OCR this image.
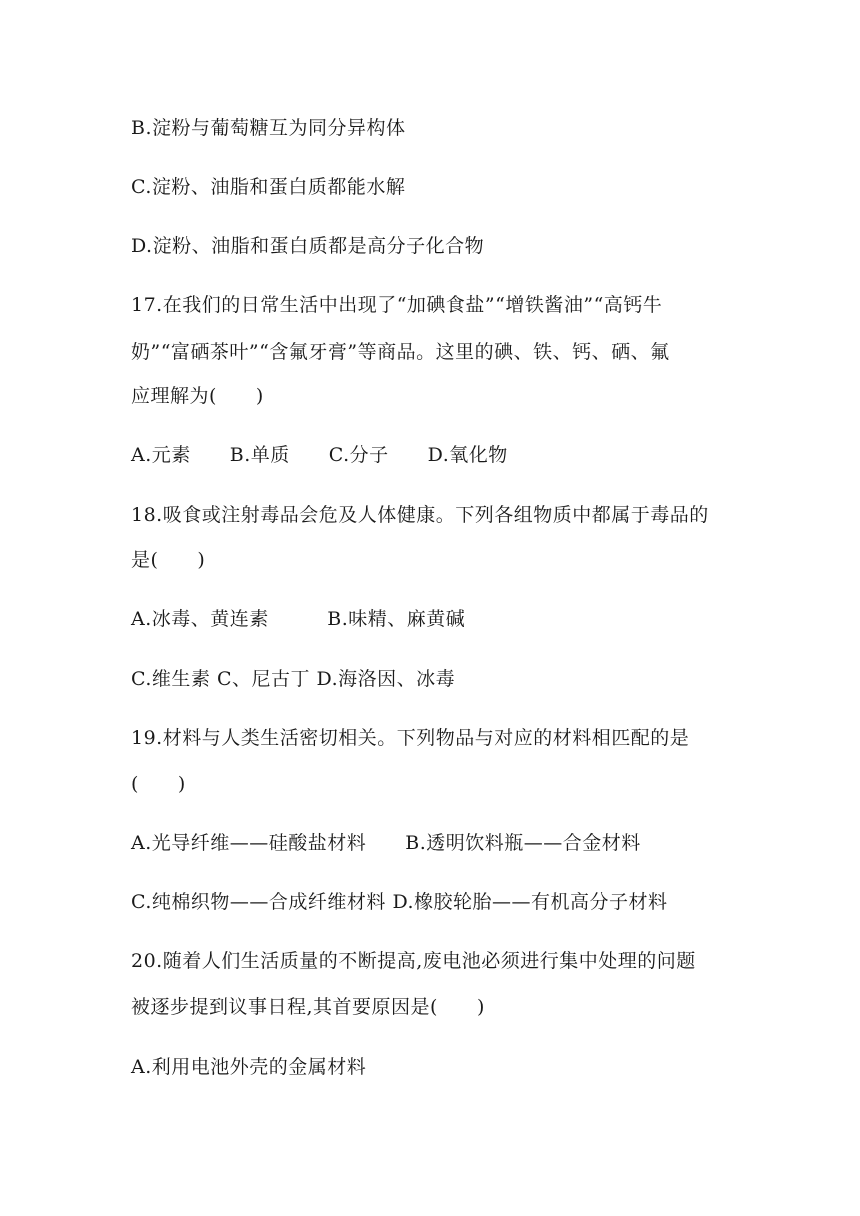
B.淀粉与葡萄糖互为同分异构体
C.淀粉、油脂和蛋白质都能水解
D.淀粉、油脂和蛋白质都是高分子化合物
17.在我们的日常生活中出现了“加碘食盐”“增铁酱油”“高钙牛
奶”“富硒茶叶”“含氟牙膏”等商品。这里的碘、铁、钙、硒、氟
应理解为(　　)
A.元素　　B.单质　　C.分子　　D.氧化物
18.吸食或注射毒品会危及人体健康。下列各组物质中都属于毒品的
是(　　)
A.冰毒、黄连素　　　B.味精、麻黄碱
C.维生素 C、尼古丁 D.海洛因、冰毒
19.材料与人类生活密切相关。下列物品与对应的材料相匹配的是
(　　)
A.光导纤维——硅酸盐材料　　B.透明饮料瓶——合金材料
C.纯棉织物——合成纤维材料 D.橡胶轮胎——有机高分子材料
20.随着人们生活质量的不断提高,废电池必须进行集中处理的问题
被逐步提到议事日程,其首要原因是(　　)
A.利用电池外壳的金属材料
